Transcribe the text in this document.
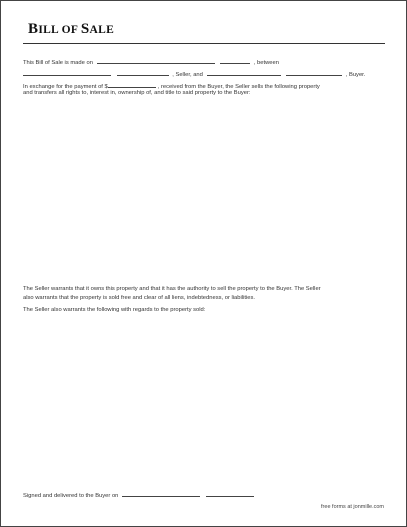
BILL OF SALE
This Bill of Sale is made on	, between
, Seller, and	, Buyer.
In exchange for the payment of $	, received from the Buyer, the Seller sells the following property
and transfers all rights to, interest in, ownership of, and title to said property to the Buyer:
The Seller warrants that it owns this property and that it has the authority to sell the property to the Buyer. The Seller
also warrants that the property is sold free and clear of all liens, indebtedness, or liabilities.
The Seller also warrants the following with regards to the property sold:
Signed and delivered to the Buyer on
free forms at jonmille.com
